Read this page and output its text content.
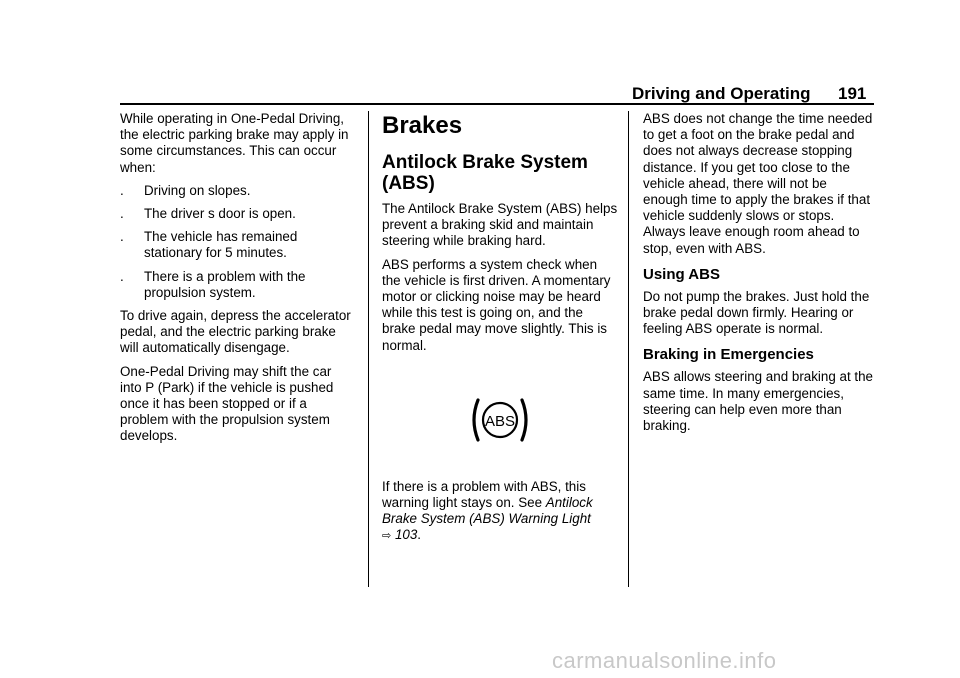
Driving and Operating 191

While operating in One-Pedal Driving, the electric parking brake may apply in some circumstances. This can occur when:

.	Driving on slopes.
.	The driver s door is open.
.	The vehicle has remained stationary for 5 minutes.
.	There is a problem with the propulsion system.

To drive again, depress the accelerator pedal, and the electric parking brake will automatically disengage.

One-Pedal Driving may shift the car into P (Park) if the vehicle is pushed once it has been stopped or if a problem with the propulsion system develops.

Brakes
Antilock Brake System (ABS)

The Antilock Brake System (ABS) helps prevent a braking skid and maintain steering while braking hard.

ABS performs a system check when the vehicle is first driven. A momentary motor or clicking noise may be heard while this test is going on, and the brake pedal may move slightly. This is normal.

ABS

If there is a problem with ABS, this warning light stays on. See Antilock Brake System (ABS) Warning Light
⇨ 103.

ABS does not change the time needed to get a foot on the brake pedal and does not always decrease stopping distance. If you get too close to the vehicle ahead, there will not be enough time to apply the brakes if that vehicle suddenly slows or stops. Always leave enough room ahead to stop, even with ABS.

Using ABS

Do not pump the brakes. Just hold the brake pedal down firmly. Hearing or feeling ABS operate is normal.

Braking in Emergencies

ABS allows steering and braking at the same time. In many emergencies, steering can help even more than braking.

carmanualsonline.info
